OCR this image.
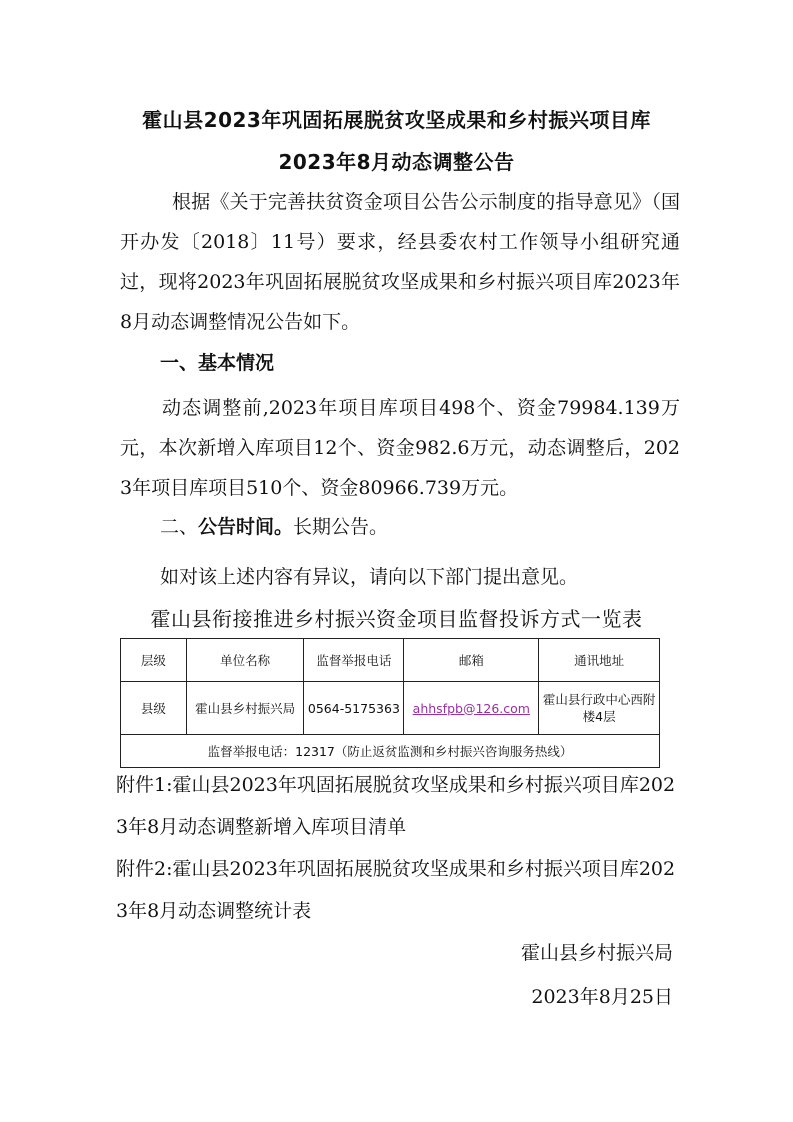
霍山县2023年巩固拓展脱贫攻坚成果和乡村振兴项目库
2023年8月动态调整公告
根据《关于完善扶贫资金项目公告公示制度的指导意见》（国开办发〔2018〕11号）要求，经县委农村工作领导小组研究通过，现将2023年巩固拓展脱贫攻坚成果和乡村振兴项目库2023年8月动态调整情况公告如下。
一、基本情况
动态调整前,2023年项目库项目498个、资金79984.139万元，本次新增入库项目12个、资金982.6万元，动态调整后，2023年项目库项目510个、资金80966.739万元。
二、公告时间。长期公告。
如对该上述内容有异议，请向以下部门提出意见。
霍山县衔接推进乡村振兴资金项目监督投诉方式一览表
层级	单位名称	监督举报电话	邮箱	通讯地址
县级	霍山县乡村振兴局	0564-5175363	ahhsfpb@126.com	霍山县行政中心西附楼4层
监督举报电话：12317（防止返贫监测和乡村振兴咨询服务热线）				
附件1:霍山县2023年巩固拓展脱贫攻坚成果和乡村振兴项目库2023年8月动态调整新增入库项目清单
附件2:霍山县2023年巩固拓展脱贫攻坚成果和乡村振兴项目库2023年8月动态调整统计表
霍山县乡村振兴局
2023年8月25日
